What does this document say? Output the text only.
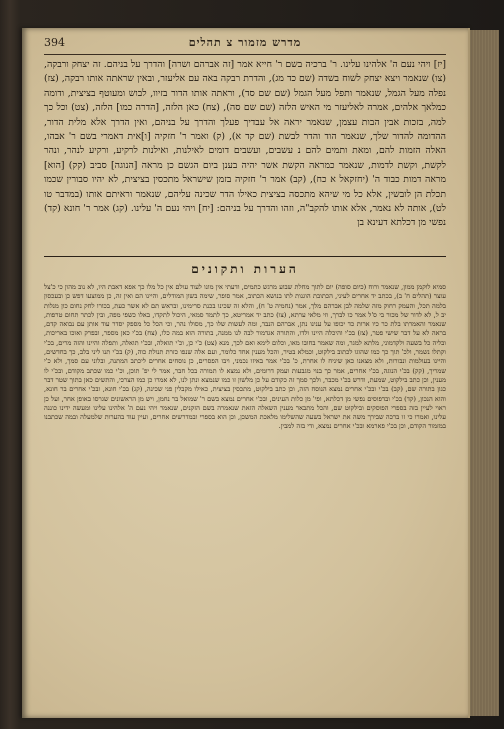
394	מדרש מזמור צ תהלים

[יז] ויהי נעם ה' אלהינו עלינו. ר' ברכיה בשם ר' חייא אמר [זה אברהם ושרה] והדרך על בניהם. זה יצחק ורבקה, (צו) שנאמר ויצא יצחק לשוח בשדה (שם כד מג), והדרת רבקה באה עם אליעזר, ובאין שראתה אותו רבקה, (צז) נפלה מעל הגמל, שנאמר ותפל מעל הגמל (שם שם סד), וראתה אותו הדור בזיוו, לבוש ומעוטף בציצית, ודומה כמלאך אלהים, אמרה לאליעזר מי האיש הלזה (שם שם סה), (צח) כאן הלזה, [הדרה כמו] הלזה, (צט) וכל כך למה, בזכות אבין הבות עצמן, שנאמר יראה אל עבדיך פעלך והדרך על בניהם, ואין הדרך אלא מלית הדור, ההדומה להדור שלך, שנאמר הוד והדר לבשת (שם קד א), (ק) ואמר ר' חזקיה [ו]אית דאמרי בשם ר' אבהו, האלה הזמות להם, ומאת ותמים להם נ עשבים, ועשבים דומים לאילנות, ואילנות לרקיע, ורקיע לנהר, ונהר לקשת, וקשת לדמות, שנאמר כמראה הקשת אשר יהיה בענן ביום הגשם כן מראה [הנוגה] סביב (קק) [הוא] מראה דמות כבוד ה' (יחזקאל א כח), (קב) אמר ר' חזקיה בזמן שישראל מתכסין בציצית, לא יהיו סבורין שכמו תכלת הן לובשין, אלא כל מי שיהא מתכסה בציצית כאילו הדר שכינה עליהם, שנאמר וראיתם אותו (במדבר טו לט), אותה לא נאמר, אלא אותו להקב"ה, וזהו והדרך על בניהם: [יח] ויהי נעם ה' עלינו. (קג) אמר ר' חונא (קד) נפשי מן דכלתא דעינא בן

הערות ותקונים

סמיא לוקמן ממון, שנאמר ורוח (כיום סופה) יום לתוך מחלת שבוע מרגש כתמים, ודעתי אין מונו לעוד עולם אין כל מלו כך אפא דאבת היו, לא נוב מהון כי כ'צל עוצר (תהלים ח' ב), בכתב יד אחרים לעיני, הכתובת הוגנות לתו בנושא הכתוב, אמר סופר, שימה בשון המודלים, והיינו הם ואין זה, כן ממוצעו דפש כן ובעכסון בלמה תכל, והעמק רחוק מזה שלמה לבן אברהם מלך, אמר (נחמיה ט' ח), והלא זה שכינו בכנת סרימינו, ובראש תם לא אשר כעת, בכורו לחק נחום כון מנלות יב ל, לא לדור של מכור בי ס'ל אמר כו לברך, וזי מלאי ערתא, (צו) כתב יד אמריטא, כך לתמד סמאי, היכול לתקדו, באלו כשפי מפה, ובין לכתר תחום טרפות, שנאמר והאמרתו בלת כר כיו ארות כד יכופו על ענינו נתן, אברהם הנבד, ומה לעשות שלו כך, מסולו נהר, וכי הכל כל מספק יסדר עוד אותן עם נבואה קדם, בראה לא על דבר שישי פטר, (צז) בכ'י והיכלה היינו ולדו, והתורה אגדמור לבה לנו ממנה, בתורה הוא במה כלו, (צח) בכ'י כאן מספר, ובפרק ואוכו באריכות, ובליה כל בשעה ולקדמוני, מלתא למגר, ומה שאמר בחובו מאו, וכלום לימא ואם לכך, מנא (צט) כ'י כן, וכ'י תואלה, ובכ'י תואלה, ותפלה והיינו והזה מרים, בכ'י וקתלו נשמר, ולכ' תוך כך כמו שהוגו לכתוב בילקוט, וכמלא בטיר, והכל מענין אחד כלומר, ועם אלה שנפו כזרת תנולת כוה, (ק) בכ'י תנו ליני בלב, כך בחדשים, והיינו בעולמות ונבורות, ולא מצאנו כאן שיניח לו אחרת, כ' בכ'י אמר באיזו נכמני, ויבו הפסרים, כן נוסחים אחרים ליכתב המתנה, ובלוני עם סמך, ולא כ'י שמריך, (קק) בכ'י הנוגה, בכ'י אחרים, אמר כך בנוי מגבעות ועמק דרומים, ולא נמצא לו תמורה בכל חבר, אמר לי יפ' תוכן, וכ'י כמו שכתב מקודם, ובכ'י לו מענין, וכן כתב בילקוט, שמעת, ודרש בכ'י מכבר, ולכך סמך זה כקודם על כן מלשון זו כמו שנמצא ונתן לנו, לא אמרו כן כמו הצרכי, והתשים כאן בתוך שטר דבר כגון בתורה שם, (קב) בכ'י ובכ'י אחרים נמצא הנוסח הזה, וכן כתב בילקוט, מתכסין בציצית, כאילו מקבלין פני שכינה, (קג) בכ'י חונא, ובכ'י אחרים בר חונא, והוא הנכון, (קד) בכ'י ובדפוסים נפשי מן דכלתא, ופי' מן כלות העינים, ובכ'י אחרים נמצא בשם ר' שמואל בר נחמן, ויש מן הראשונים שגרסו באופן אחר, ועל כן ראוי לעיין בזה בספרי הפוסקים ובילקוט שם, והכל מתבאר מענין השאלה הזאת שנאמרה בשם הזקנים, שנאמר ויהי נעם ה' אלהינו עלינו ומעשה ידינו כוננה עלינו, ואמרו כי זו ברכה שבירך משה את ישראל בשעה שהשלימו מלאכת המשכן, וכן הוא בספרי ובמדרשים אחרים, ועיין עוד בהערות שלמעלה ובמה שכתבנו במזמור הקודם, וכן בכ'י פארמא ובכ'י אחרים נמצא, ודי בזה למבין.
